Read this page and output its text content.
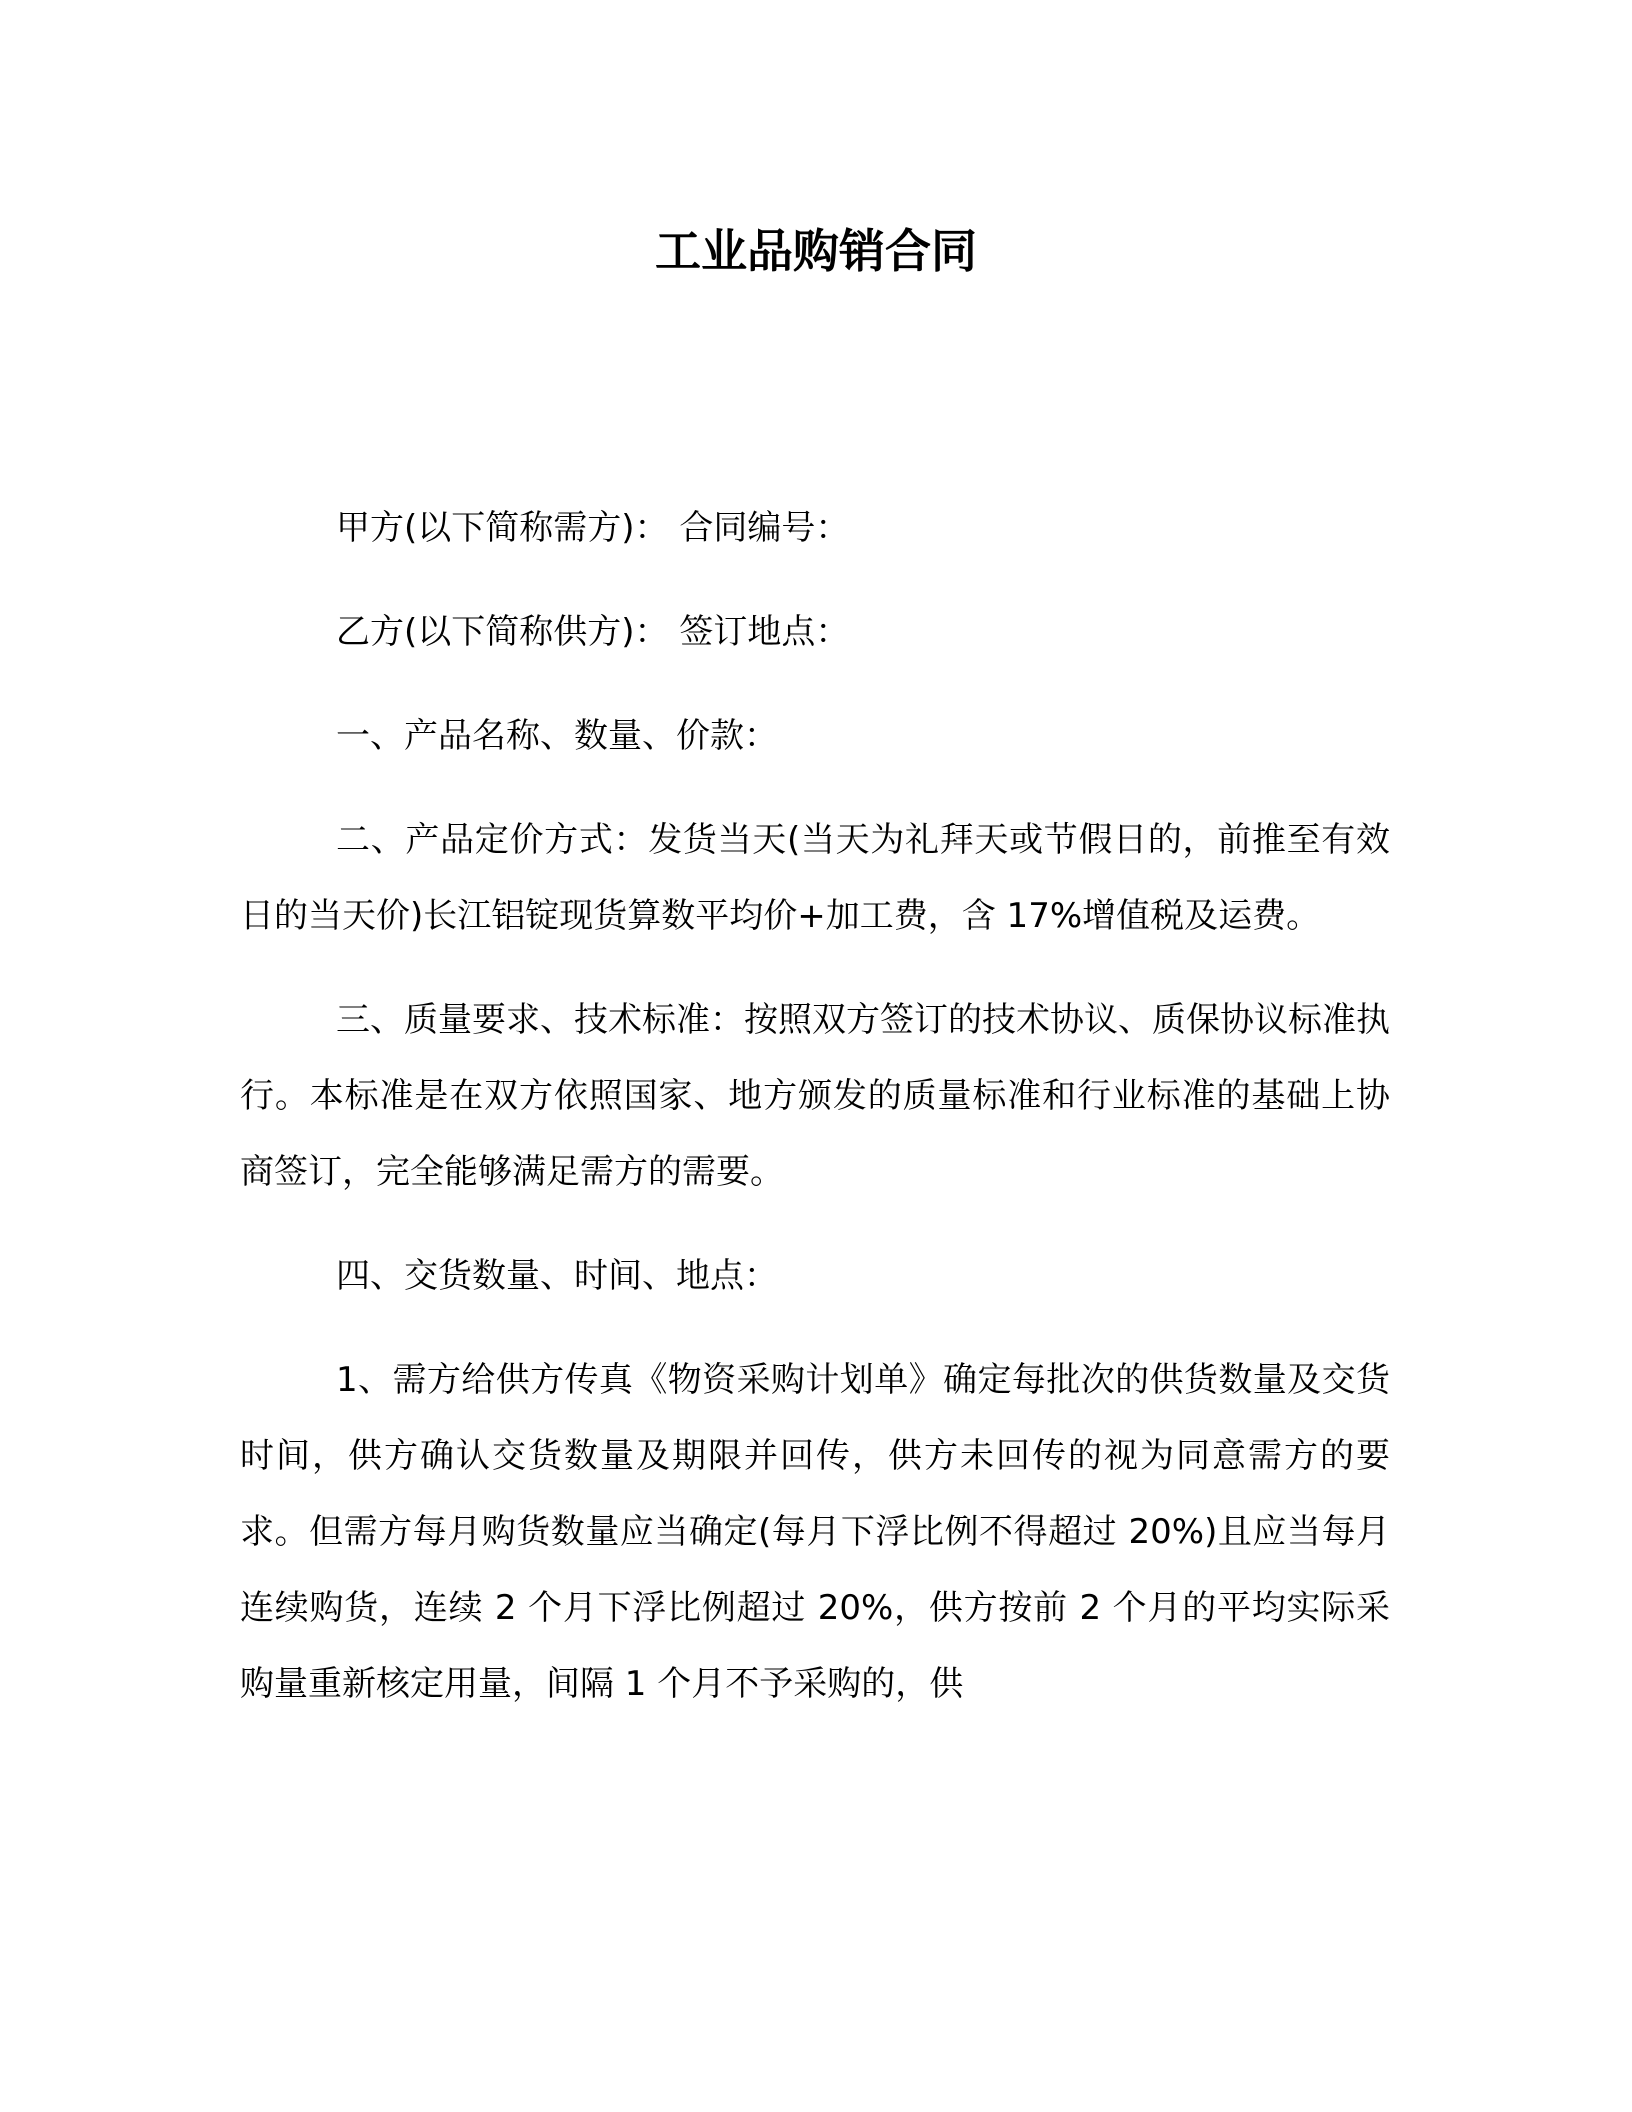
工业品购销合同

甲方(以下简称需方)： 合同编号：

乙方(以下简称供方)： 签订地点：

一、产品名称、数量、价款：

二、产品定价方式：发货当天(当天为礼拜天或节假日的，前推至有效日的当天价)长江铝锭现货算数平均价+加工费，含 17%增值税及运费。

三、质量要求、技术标准：按照双方签订的技术协议、质保协议标准执行。本标准是在双方依照国家、地方颁发的质量标准和行业标准的基础上协商签订，完全能够满足需方的需要。

四、交货数量、时间、地点：

1、需方给供方传真《物资采购计划单》确定每批次的供货数量及交货时间，供方确认交货数量及期限并回传，供方未回传的视为同意需方的要求。但需方每月购货数量应当确定(每月下浮比例不得超过 20%)且应当每月连续购货，连续 2 个月下浮比例超过 20%，供方按前 2 个月的平均实际采购量重新核定用量，间隔 1 个月不予采购的，供
